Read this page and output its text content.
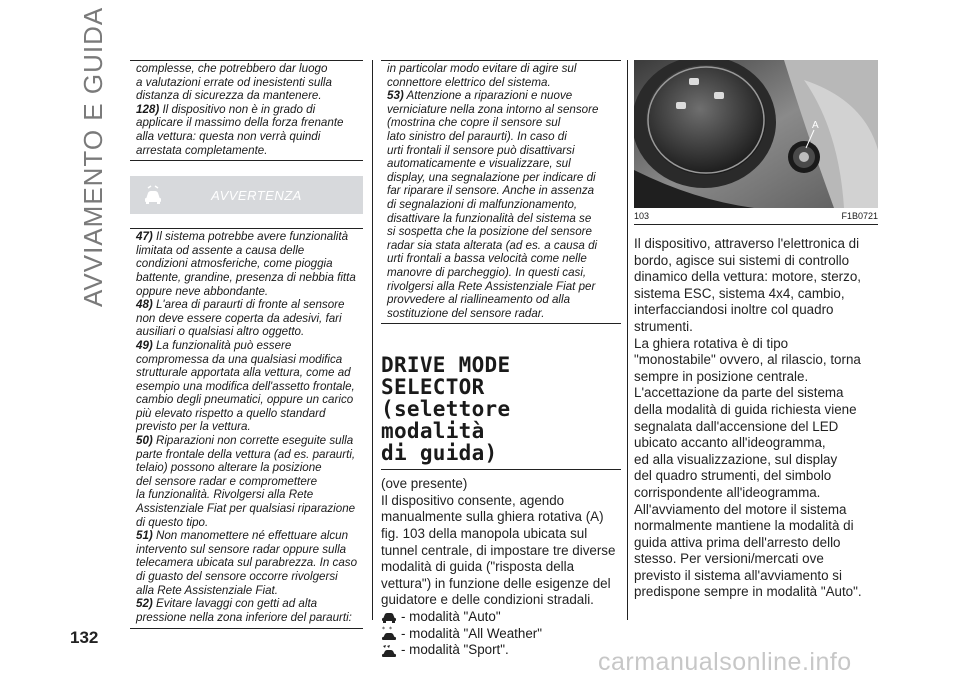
AVVIAMENTO E GUIDA complesse, che potrebbero dar luogo
a valutazioni errate od inesistenti sulla
distanza di sicurezza da mantenere.
128) Il dispositivo non è in grado di
applicare il massimo della forza frenante
alla vettura: questa non verrà quindi
arrestata completamente.
AVVERTENZA
47) Il sistema potrebbe avere funzionalità
limitata od assente a causa delle
condizioni atmosferiche, come pioggia
battente, grandine, presenza di nebbia fitta
oppure neve abbondante.
48) L'area di paraurti di fronte al sensore
non deve essere coperta da adesivi, fari
ausiliari o qualsiasi altro oggetto.
49) La funzionalità può essere
compromessa da una qualsiasi modifica
strutturale apportata alla vettura, come ad
esempio una modifica dell'assetto frontale,
cambio degli pneumatici, oppure un carico
più elevato rispetto a quello standard
previsto per la vettura.
50) Riparazioni non corrette eseguite sulla
parte frontale della vettura (ad es. paraurti,
telaio) possono alterare la posizione
del sensore radar e compromettere
la funzionalità. Rivolgersi alla Rete
Assistenziale Fiat per qualsiasi riparazione
di questo tipo.
51) Non manomettere né effettuare alcun
intervento sul sensore radar oppure sulla
telecamera ubicata sul parabrezza. In caso
di guasto del sensore occorre rivolgersi
alla Rete Assistenziale Fiat.
52) Evitare lavaggi con getti ad alta
pressione nella zona inferiore del paraurti:
in particolar modo evitare di agire sul
connettore elettrico del sistema.
53) Attenzione a riparazioni e nuove
verniciature nella zona intorno al sensore
(mostrina che copre il sensore sul
lato sinistro del paraurti). In caso di
urti frontali il sensore può disattivarsi
automaticamente e visualizzare, sul
display, una segnalazione per indicare di
far riparare il sensore. Anche in assenza
di segnalazioni di malfunzionamento,
disattivare la funzionalità del sistema se
si sospetta che la posizione del sensore
radar sia stata alterata (ad es. a causa di
urti frontali a bassa velocità come nelle
manovre di parcheggio). In questi casi,
rivolgersi alla Rete Assistenziale Fiat per
provvedere al riallineamento od alla
sostituzione del sensore radar.
DRIVE MODE
SELECTOR
(selettore modalità
di guida)
(ove presente)
Il dispositivo consente, agendo
manualmente sulla ghiera rotativa (A)
fig. 103 della manopola ubicata sul
tunnel centrale, di impostare tre diverse
modalità di guida ("risposta della
vettura") in funzione delle esigenze del
guidatore e delle condizioni stradali.
- modalità "Auto"
* * - modalità "All Weather"
- modalità "Sport".
A
103	F1B0721
Il dispositivo, attraverso l'elettronica di
bordo, agisce sui sistemi di controllo
dinamico della vettura: motore, sterzo,
sistema ESC, sistema 4x4, cambio,
interfacciandosi inoltre col quadro
strumenti.
La ghiera rotativa è di tipo
"monostabile" ovvero, al rilascio, torna
sempre in posizione centrale.
L'accettazione da parte del sistema
della modalità di guida richiesta viene
segnalata dall'accensione del LED
ubicato accanto all'ideogramma,
ed alla visualizzazione, sul display
del quadro strumenti, del simbolo
corrispondente all'ideogramma.
All'avviamento del motore il sistema
normalmente mantiene la modalità di
guida attiva prima dell'arresto dello
stesso. Per versioni/mercati ove
previsto il sistema all'avviamento si
predispone sempre in modalità "Auto".
132
carmanualsonline.info
